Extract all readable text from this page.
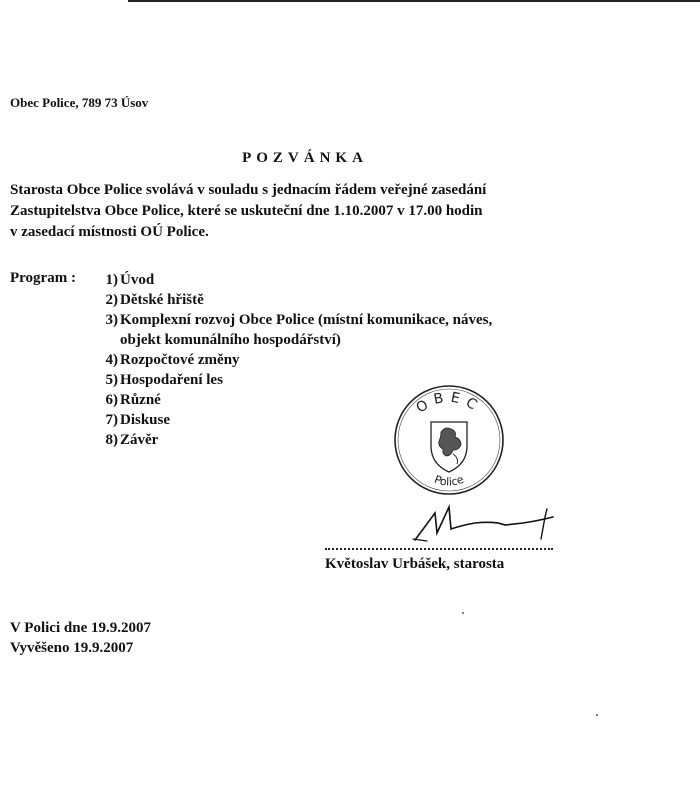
Obec Police, 789 73 Úsov
POZVÁNKA
Starosta Obce Police svolává v souladu s jednacím řádem veřejné zasedání
Zastupitelstva Obce Police, které se uskuteční dne 1.10.2007 v 17.00 hodin
v zasedací místnosti OÚ Police.
Program :	1) Úvod
2) Dětské hřiště
3) Komplexní rozvoj Obce Police (místní komunikace, náves,
objekt komunálního hospodářství)
4) Rozpočtové změny
5) Hospodaření les
6) Různé
7) Diskuse
8) Závěr
OBEC
Police
Květoslav Urbášek, starosta
V Polici dne 19.9.2007
Vyvěšeno 19.9.2007
